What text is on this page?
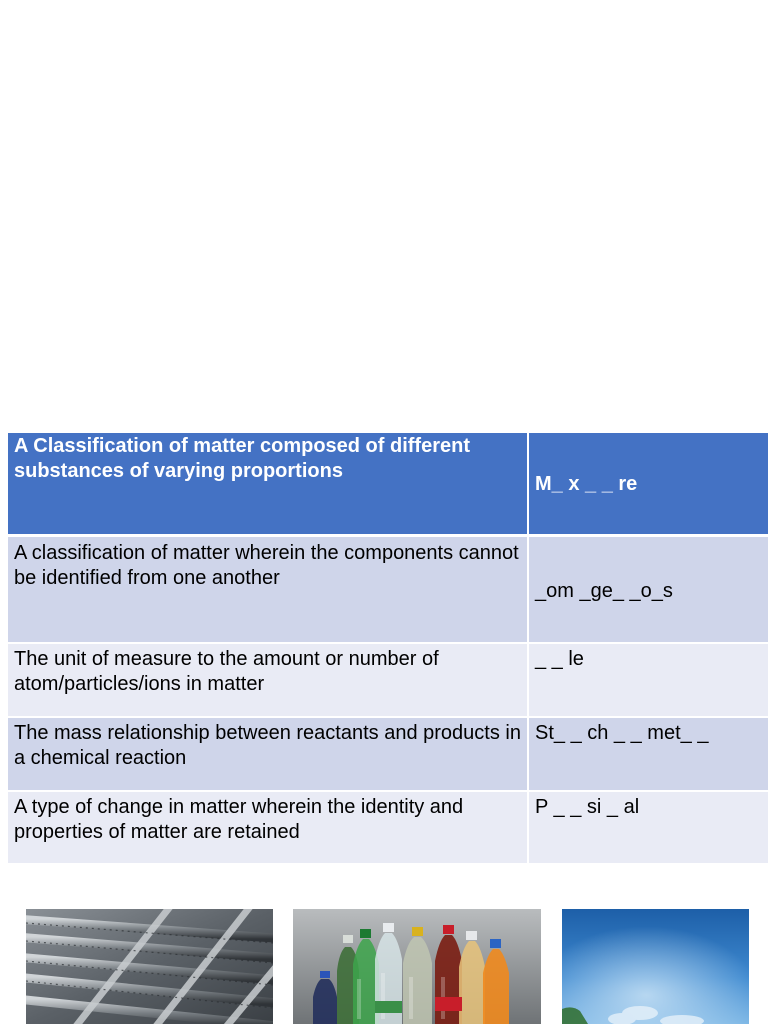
A Classification of matter composed of different substances of varying proportions	M_ x _ _ re
A classification of matter wherein the components cannot be identified from one another	_om _ge_ _o_s
The unit of measure to the amount or number of atom/particles/ions in matter	_ _ le
The mass relationship between reactants and products in a chemical reaction	St_ _ ch _ _ met_ _
A type of change in matter wherein the identity and properties of matter are retained	P _ _ si _ al
